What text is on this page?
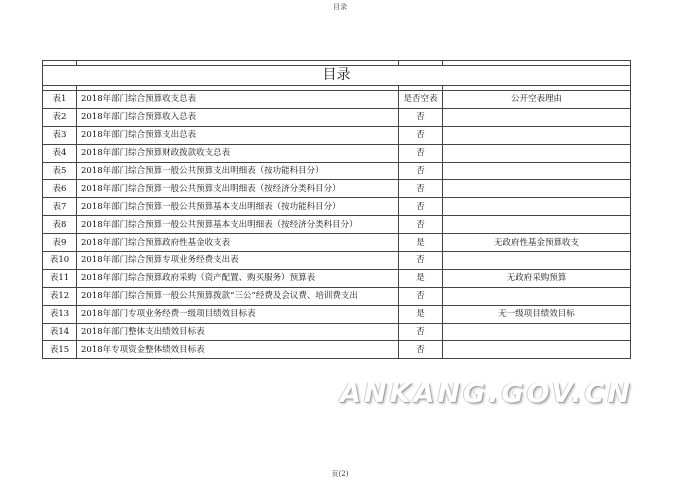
目录

目录			

表1	2018年部门综合预算收支总表	是否空表	公开空表理由
表2	2018年部门综合预算收入总表	否	
表3	2018年部门综合预算支出总表	否	
表4	2018年部门综合预算财政拨款收支总表	否	
表5	2018年部门综合预算一般公共预算支出明细表（按功能科目分）	否	
表6	2018年部门综合预算一般公共预算支出明细表（按经济分类科目分）	否	
表7	2018年部门综合预算一般公共预算基本支出明细表（按功能科目分）	否	
表8	2018年部门综合预算一般公共预算基本支出明细表（按经济分类科目分）	否	
表9	2018年部门综合预算政府性基金收支表	是	无政府性基金预算收支
表10	2018年部门综合预算专项业务经费支出表	否	
表11	2018年部门综合预算政府采购（资产配置、购买服务）预算表	是	无政府采购预算
表12	2018年部门综合预算一般公共预算拨款“三公”经费及会议费、培训费支出	否	
表13	2018年部门专项业务经费一级项目绩效目标表	是	无一级项目绩效目标
表14	2018年部门整体支出绩效目标表	否	
表15	2018年专项资金整体绩效目标表	否	
页(2)
ANKANG.GOV.CN
